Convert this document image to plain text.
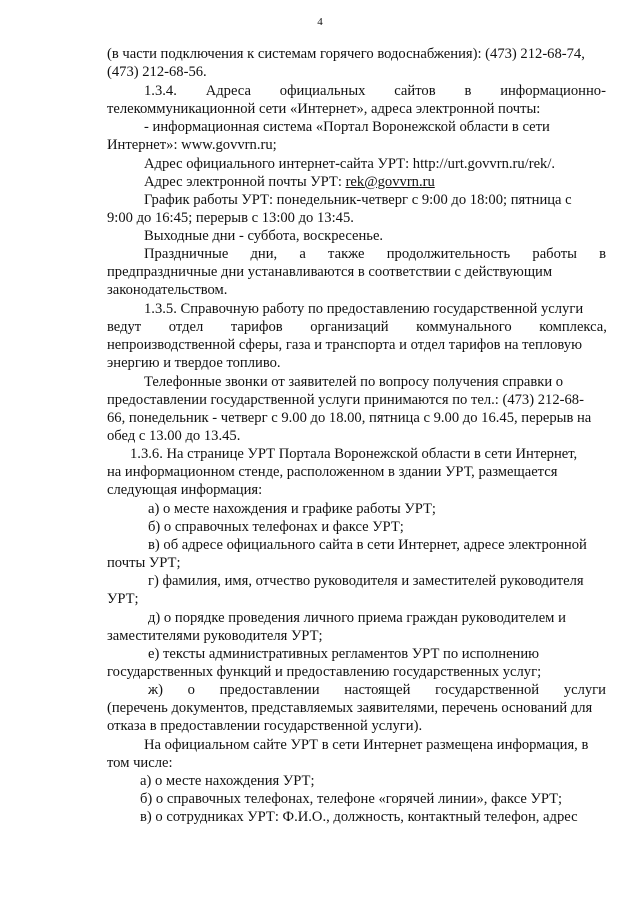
4
(в части подключения к системам горячего водоснабжения): (473) 212-68-74,
(473) 212-68-56.
1.3.4. Адреса официальных сайтов в информационно-
телекоммуникационной сети «Интернет», адреса электронной почты:
- информационная система «Портал Воронежской области в сети
Интернет»: www.govvrn.ru;
Адрес официального интернет-сайта УРТ: http://urt.govvrn.ru/rek/.
Адрес электронной почты УРТ: rek@govvrn.ru
График работы УРТ: понедельник-четверг с 9:00 до 18:00; пятница с
9:00 до 16:45; перерыв с 13:00 до 13:45.
Выходные дни - суббота, воскресенье.
Праздничные дни, а также продолжительность работы в
предпраздничные дни устанавливаются в соответствии с действующим
законодательством.
1.3.5. Справочную работу по предоставлению государственной услуги
ведут отдел тарифов организаций коммунального комплекса,
непроизводственной сферы, газа и транспорта и отдел тарифов на тепловую
энергию и твердое топливо.
Телефонные звонки от заявителей по вопросу получения справки о
предоставлении государственной услуги принимаются по тел.: (473) 212-68-
66, понедельник - четверг с 9.00 до 18.00, пятница с 9.00 до 16.45, перерыв на
обед с 13.00 до 13.45.
1.3.6. На странице УРТ Портала Воронежской области в сети Интернет,
на информационном стенде, расположенном в здании УРТ, размещается
следующая информация:
а) о месте нахождения и графике работы УРТ;
б) о справочных телефонах и факсе УРТ;
в) об адресе официального сайта в сети Интернет, адресе электронной
почты УРТ;
г) фамилия, имя, отчество руководителя и заместителей руководителя
УРТ;
д) о порядке проведения личного приема граждан руководителем и
заместителями руководителя УРТ;
е) тексты административных регламентов УРТ по исполнению
государственных функций и предоставлению государственных услуг;
ж) о предоставлении настоящей государственной услуги
(перечень документов, представляемых заявителями, перечень оснований для
отказа в предоставлении государственной услуги).
На официальном сайте УРТ в сети Интернет размещена информация, в
том числе:
а) о месте нахождения УРТ;
б) о справочных телефонах, телефоне «горячей линии», факсе УРТ;
в) о сотрудниках УРТ: Ф.И.О., должность, контактный телефон, адрес
